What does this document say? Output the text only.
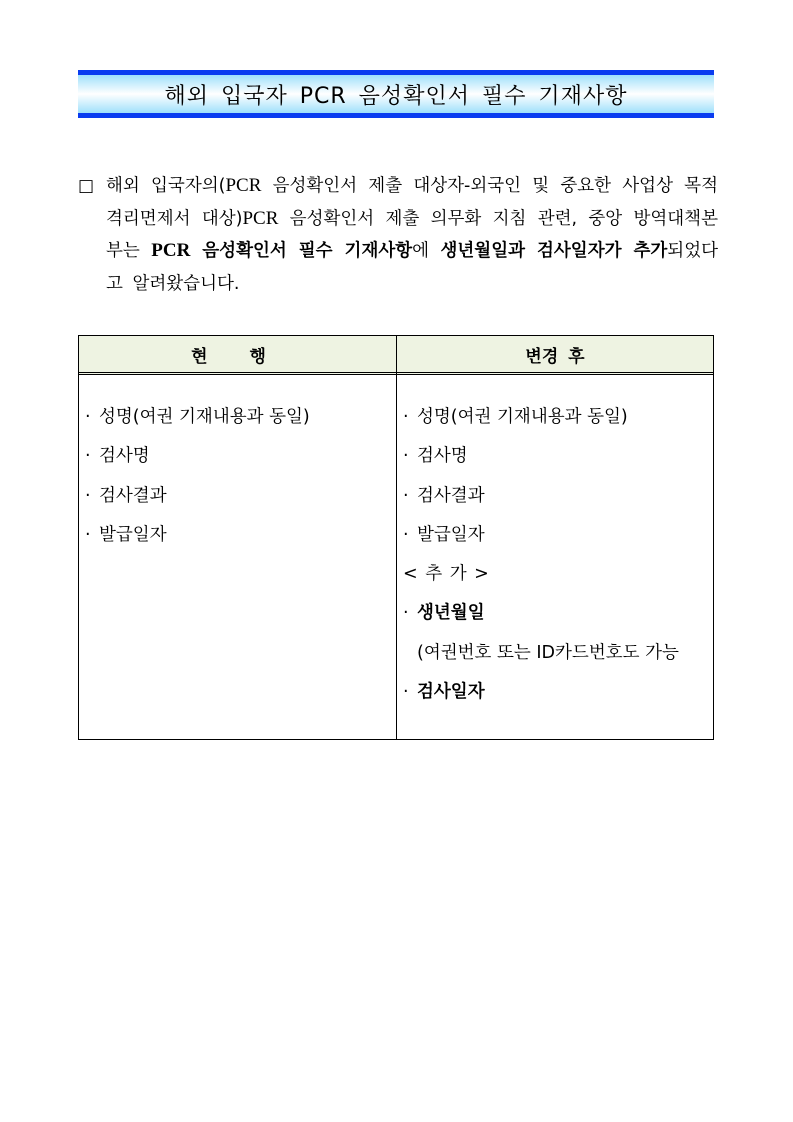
해외 입국자 PCR 음성확인서 필수 기재사항
□ 해외 입국자의(PCR 음성확인서 제출 대상자-외국인 및 중요한 사업상 목적 격리면제서 대상)PCR 음성확인서 제출 의무화 지침 관련, 중앙 방역대책본부는 PCR 음성확인서 필수 기재사항에 생년월일과 검사일자가 추가되었다고 알려왔습니다.
현 행	변경 후
· 성명(여권 기재내용과 동일)
· 검사명
· 검사결과
· 발급일자
· 성명(여권 기재내용과 동일)
· 검사명
· 검사결과
· 발급일자
< 추 가 >
· 생년월일
(여권번호 또는 ID카드번호도 가능
· 검사일자
